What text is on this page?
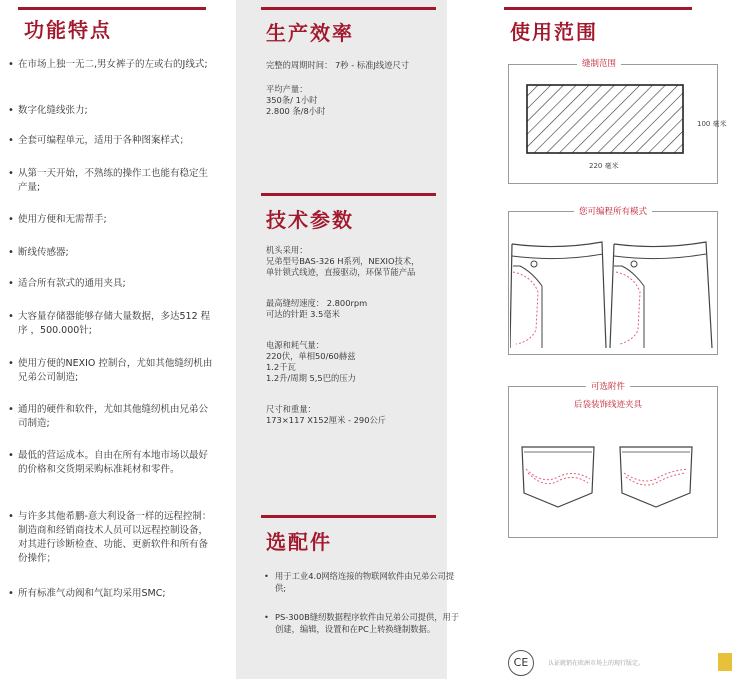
功能特点
• 在市场上独一无二,男女裤子的左或右的J线式;
• 数字化缝线张力;
• 全套可编程单元，适用于各种图案样式；
• 从第一天开始，不熟练的操作工也能有稳定生产量;
• 使用方便和无需帮手;
• 断线传感器;
• 适合所有款式的通用夹具;
• 大容量存储器能够存储大量数据，多达512 程序 ，500.000针;
• 使用方便的NEXIO 控制台，尤如其他缝纫机由兄弟公司制造;
• 通用的硬件和软件，尤如其他缝纫机由兄弟公司制造;
• 最低的营运成本。自由在所有本地市场以最好的价格和交货期采购标准耗材和零件。
• 与许多其他希鹏-意大利设备一样的远程控制：制造商和经销商技术人员可以远程控制设备，对其进行诊断检查、功能、更新软件和所有备份操作；
• 所有标准气动阀和气缸均采用SMC;
生产效率

完整的周期时间： 7秒 - 标准J线迹尺寸

平均产量：
350条/ 1小时
2.800 条/8小时

技术参数

机头采用：
兄弟型号BAS-326 H系列，NEXIO技术，
单针锁式线迹，直接驱动，环保节能产品

最高缝纫速度： 2.800rpm
可达的针距 3.5毫米

电源和耗气量：
220伏，单相50/60赫兹
1.2千瓦
1.2升/周期 5,5巴的压力

尺寸和重量：
173×117 X152厘米 - 290公斤

选配件
• 用于工业4.0网络连接的物联网软件由兄弟公司提供;
• PS-300B缝纫数据程序软件由兄弟公司提供，用于创建，编辑，设置和在PC上转换缝制数据。
使用范围
缝制范围
220 毫米
100 毫米
您可编程所有模式
可选附件
后袋装饰线迹夹具
CE	认证就销在欧洲市场上的现行版定。
